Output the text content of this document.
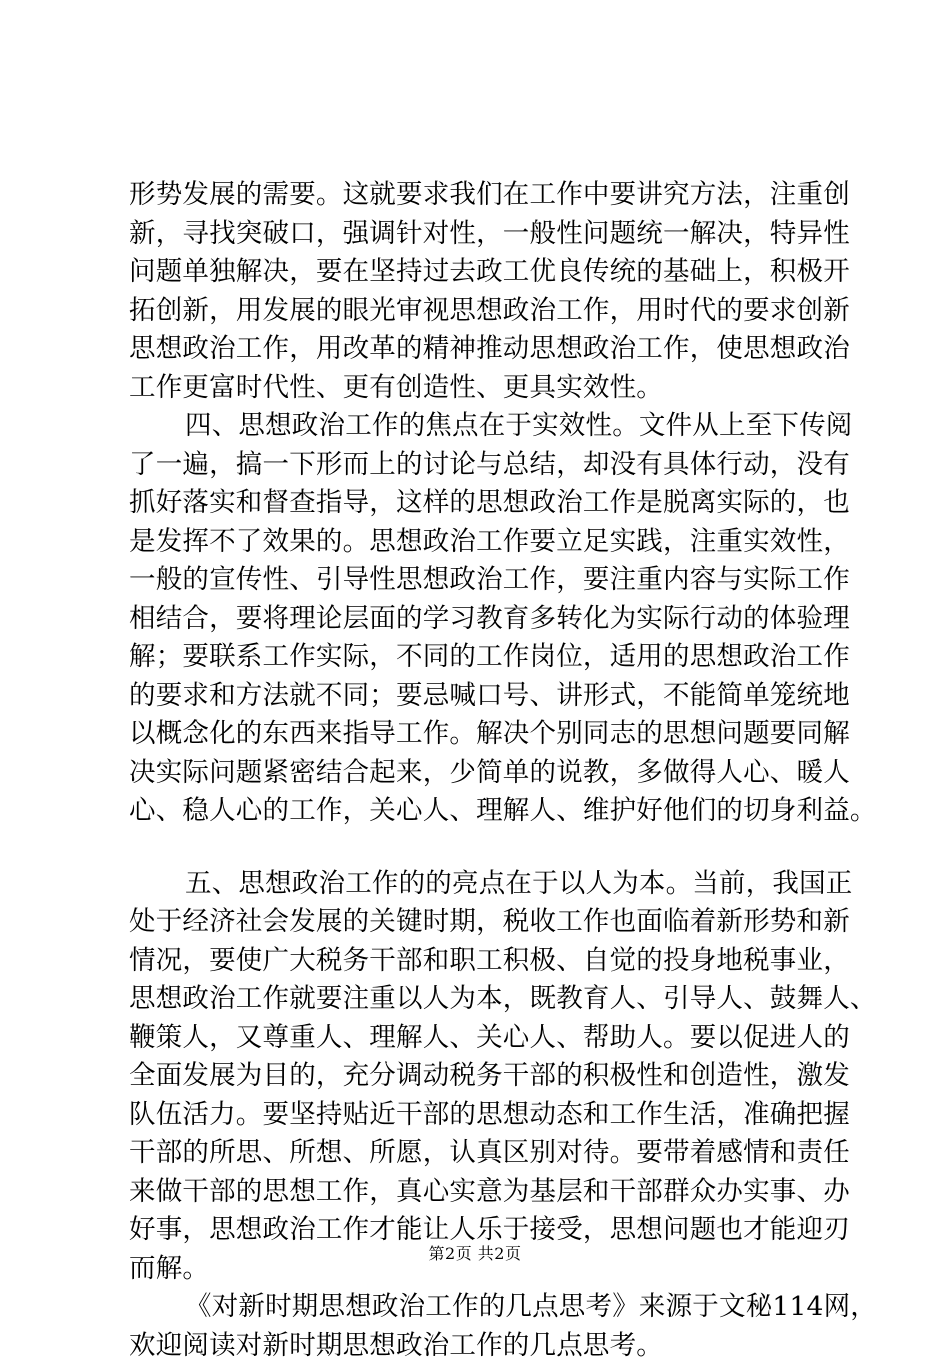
形势发展的需要。这就要求我们在工作中要讲究方法，注重创
新，寻找突破口，强调针对性，一般性问题统一解决，特异性
问题单独解决，要在坚持过去政工优良传统的基础上，积极开
拓创新，用发展的眼光审视思想政治工作，用时代的要求创新
思想政治工作，用改革的精神推动思想政治工作，使思想政治
工作更富时代性、更有创造性、更具实效性。
四、思想政治工作的焦点在于实效性。文件从上至下传阅
了一遍，搞一下形而上的讨论与总结，却没有具体行动，没有
抓好落实和督查指导，这样的思想政治工作是脱离实际的，也
是发挥不了效果的。思想政治工作要立足实践，注重实效性，
一般的宣传性、引导性思想政治工作，要注重内容与实际工作
相结合，要将理论层面的学习教育多转化为实际行动的体验理
解；要联系工作实际，不同的工作岗位，适用的思想政治工作
的要求和方法就不同；要忌喊口号、讲形式，不能简单笼统地
以概念化的东西来指导工作。解决个别同志的思想问题要同解
决实际问题紧密结合起来，少简单的说教，多做得人心、暖人
心、稳人心的工作，关心人、理解人、维护好他们的切身利益。
五、思想政治工作的的亮点在于以人为本。当前，我国正
处于经济社会发展的关键时期，税收工作也面临着新形势和新
情况，要使广大税务干部和职工积极、自觉的投身地税事业，
思想政治工作就要注重以人为本，既教育人、引导人、鼓舞人、
鞭策人，又尊重人、理解人、关心人、帮助人。要以促进人的
全面发展为目的，充分调动税务干部的积极性和创造性，激发
队伍活力。要坚持贴近干部的思想动态和工作生活，准确把握
干部的所思、所想、所愿，认真区别对待。要带着感情和责任
来做干部的思想工作，真心实意为基层和干部群众办实事、办
好事，思想政治工作才能让人乐于接受，思想问题也才能迎刃
而解。
《对新时期思想政治工作的几点思考》来源于文秘114网，
欢迎阅读对新时期思想政治工作的几点思考。
第2页 共2页
